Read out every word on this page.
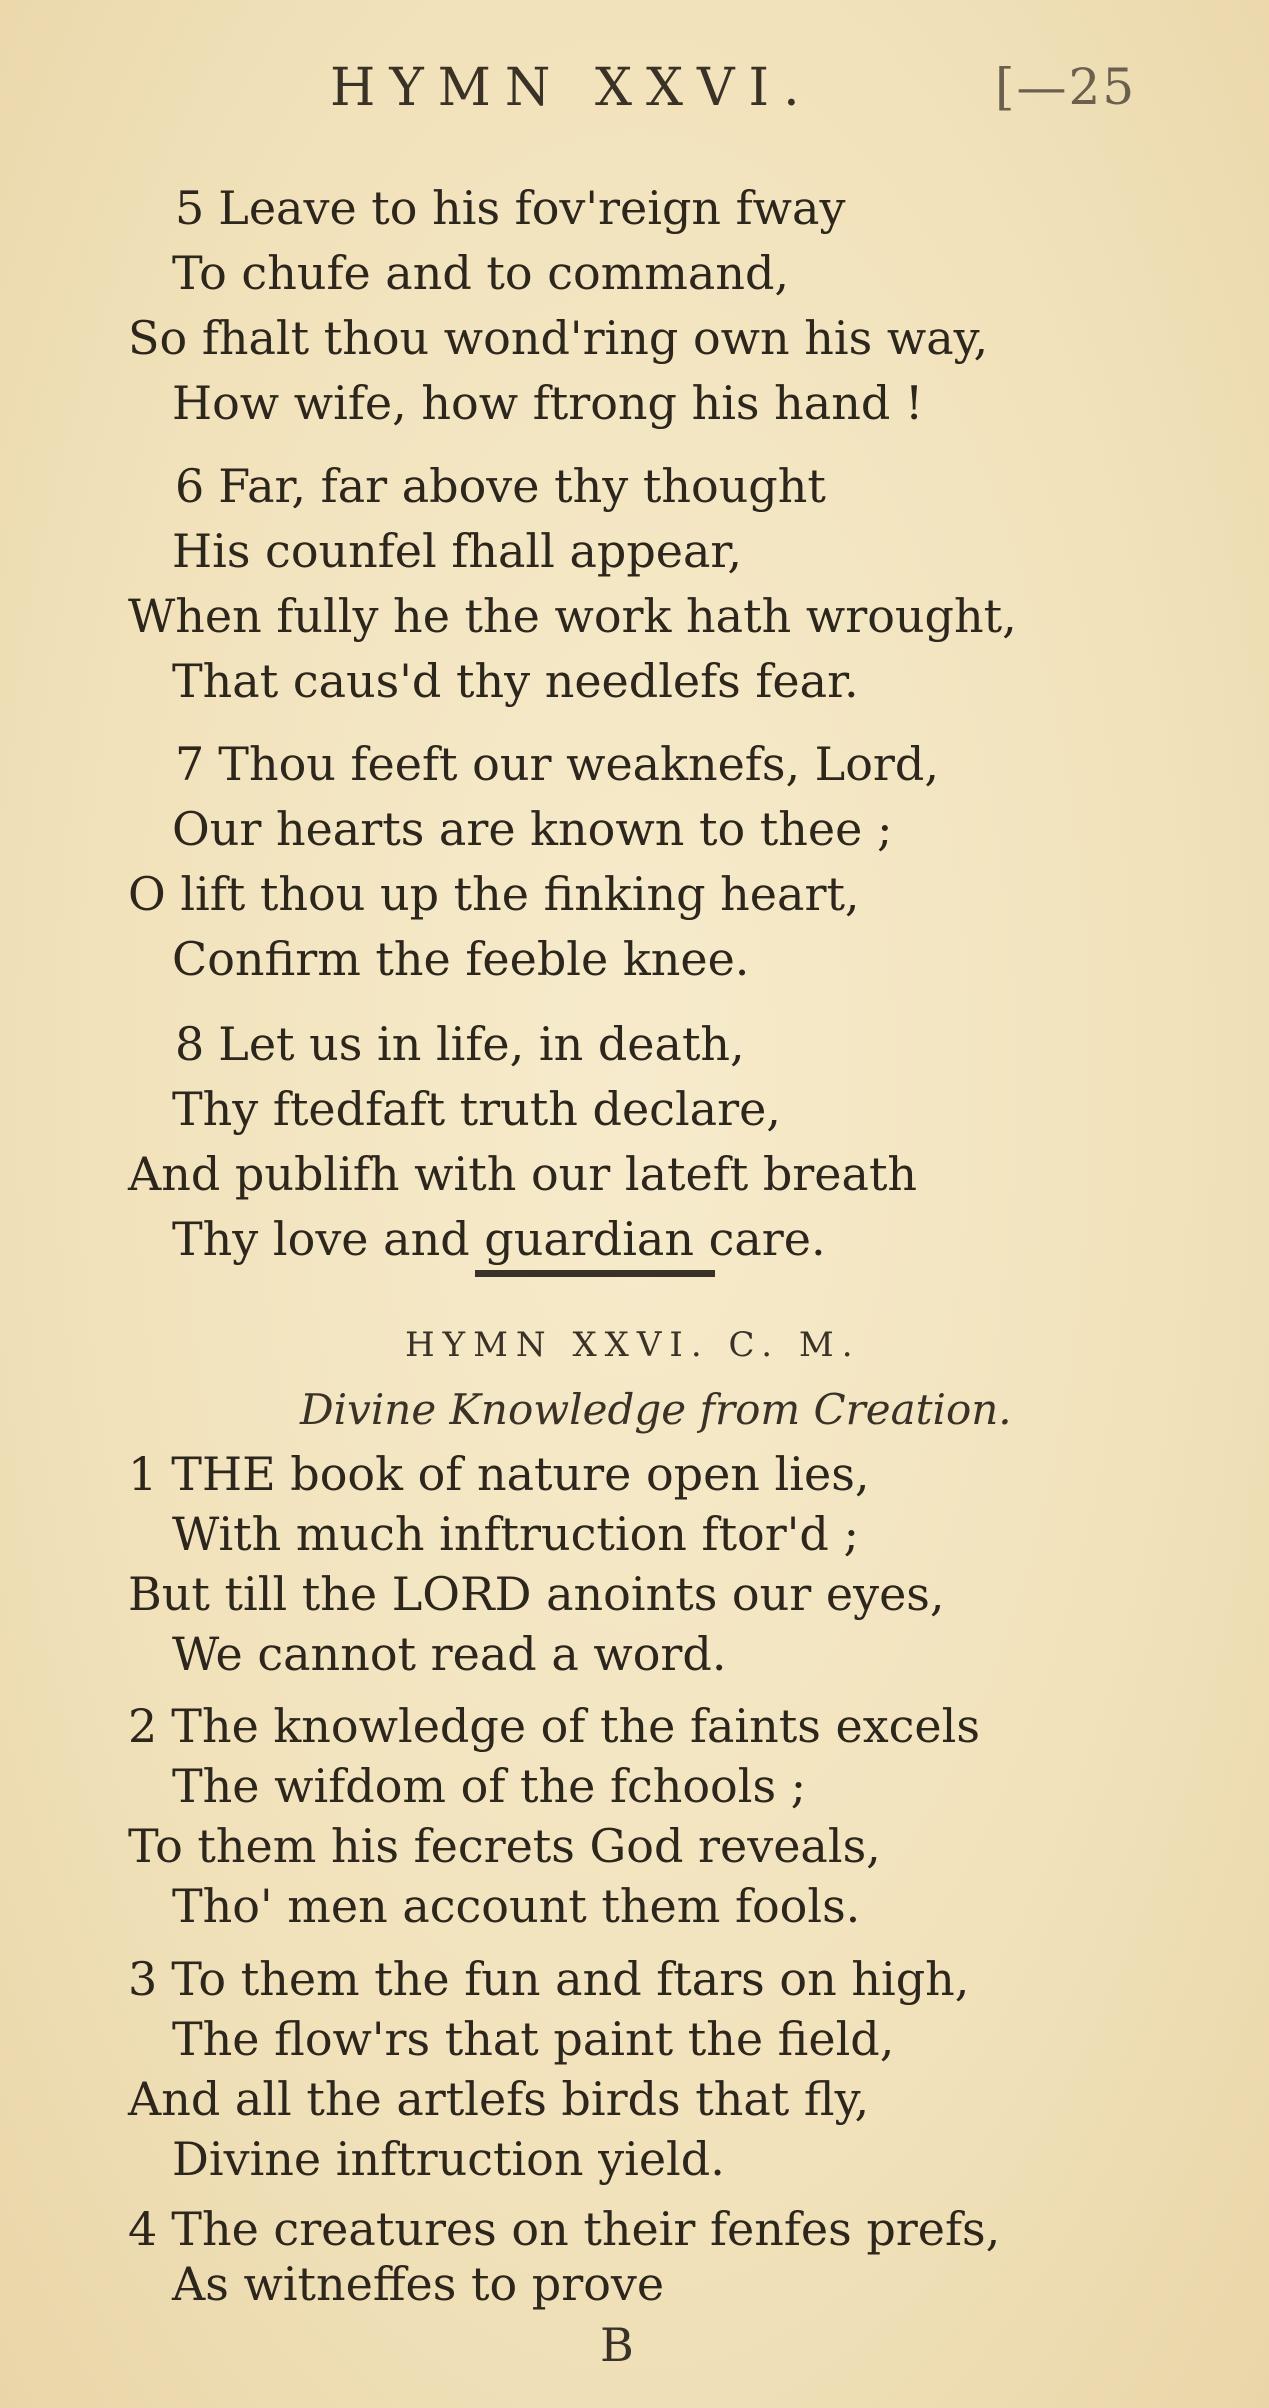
HYMN XXVI.	[—25
5 Leave to his fov'reign fway
To chufe and to command,
So fhalt thou wond'ring own his way,
How wife, how ftrong his hand !
6 Far, far above thy thought
His counfel fhall appear,
When fully he the work hath wrought,
That caus'd thy needlefs fear.
7 Thou feeft our weaknefs, Lord,
Our hearts are known to thee ;
O lift thou up the finking heart,
Confirm the feeble knee.
8 Let us in life, in death,
Thy ftedfaft truth declare,
And publifh with our lateft breath
Thy love and guardian care.
HYMN XXVI. C. M.
Divine Knowledge from Creation.
1 THE book of nature open lies,
With much inftruction ftor'd ;
But till the LORD anoints our eyes,
We cannot read a word.
2 The knowledge of the faints excels
The wifdom of the fchools ;
To them his fecrets God reveals,
Tho' men account them fools.
3 To them the fun and ftars on high,
The flow'rs that paint the field,
And all the artlefs birds that fly,
Divine inftruction yield.
4 The creatures on their fenfes prefs,
As witneffes to prove
B
